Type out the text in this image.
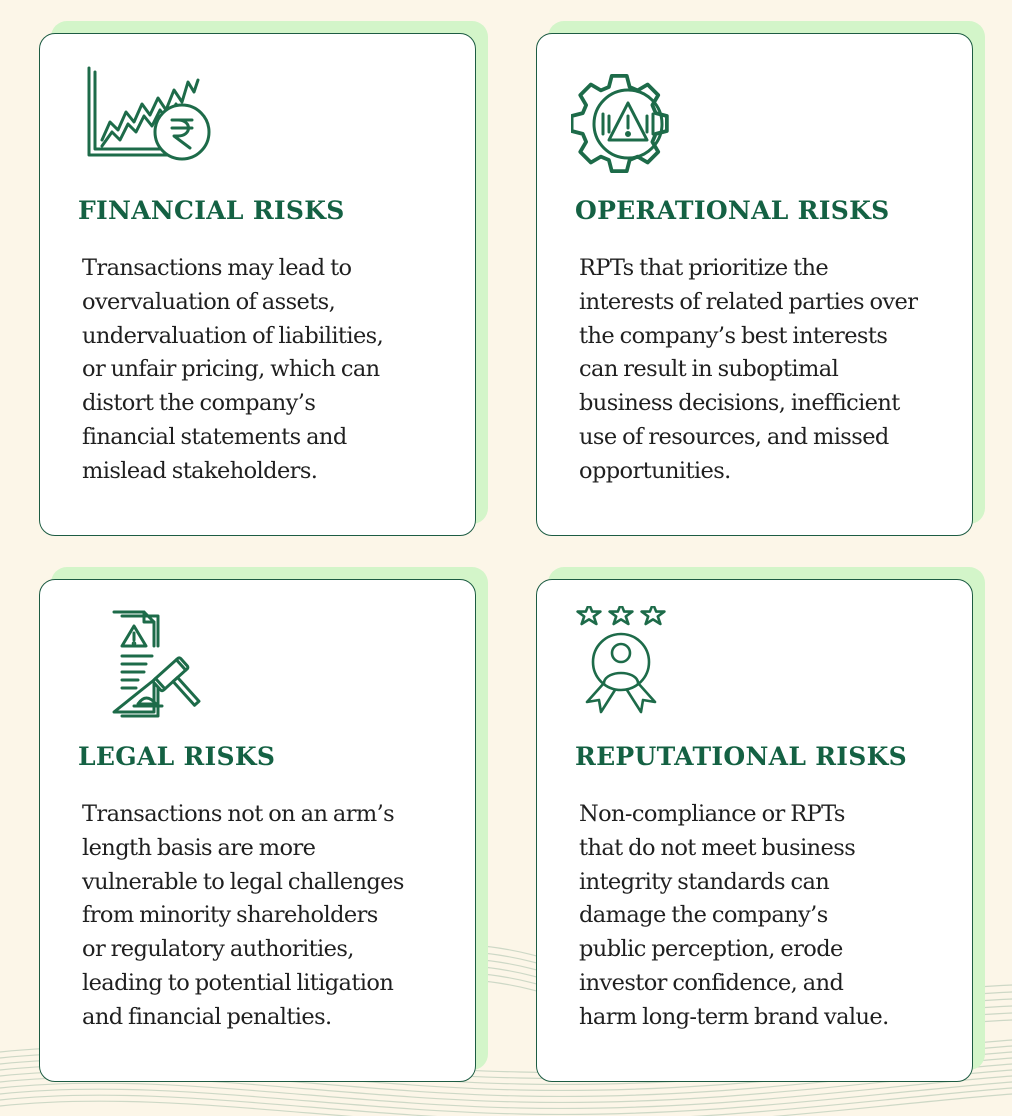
FINANCIAL RISKS

Transactions may lead to
overvaluation of assets,
undervaluation of liabilities,
or unfair pricing, which can
distort the company’s
financial statements and
mislead stakeholders.

OPERATIONAL RISKS

RPTs that prioritize the
interests of related parties over
the company’s best interests
can result in suboptimal
business decisions, inefficient
use of resources, and missed
opportunities.

LEGAL RISKS

Transactions not on an arm’s
length basis are more
vulnerable to legal challenges
from minority shareholders
or regulatory authorities,
leading to potential litigation
and financial penalties.

REPUTATIONAL RISKS

Non-compliance or RPTs
that do not meet business
integrity standards can
damage the company’s
public perception, erode
investor confidence, and
harm long-term brand value.
